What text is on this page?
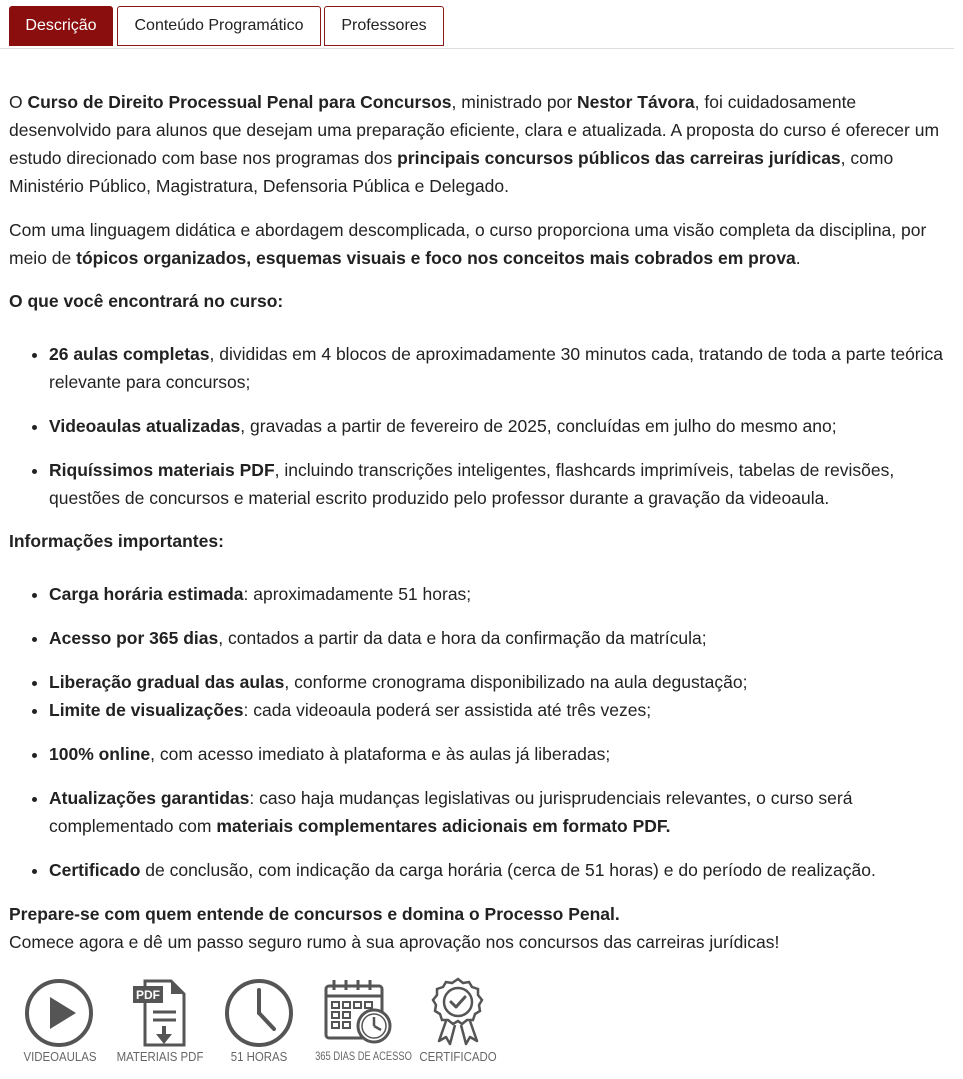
Descrição	Conteúdo Programático	Professores

O Curso de Direito Processual Penal para Concursos, ministrado por Nestor Távora, foi cuidadosamente desenvolvido para alunos que desejam uma preparação eficiente, clara e atualizada. A proposta do curso é oferecer um estudo direcionado com base nos programas dos principais concursos públicos das carreiras jurídicas, como Ministério Público, Magistratura, Defensoria Pública e Delegado.

Com uma linguagem didática e abordagem descomplicada, o curso proporciona uma visão completa da disciplina, por meio de tópicos organizados, esquemas visuais e foco nos conceitos mais cobrados em prova.

O que você encontrará no curso:

• 26 aulas completas, divididas em 4 blocos de aproximadamente 30 minutos cada, tratando de toda a parte teórica relevante para concursos;
• Videoaulas atualizadas, gravadas a partir de fevereiro de 2025, concluídas em julho do mesmo ano;
• Riquíssimos materiais PDF, incluindo transcrições inteligentes, flashcards imprimíveis, tabelas de revisões, questões de concursos e material escrito produzido pelo professor durante a gravação da videoaula.

Informações importantes:

• Carga horária estimada: aproximadamente 51 horas;
• Acesso por 365 dias, contados a partir da data e hora da confirmação da matrícula;
• Liberação gradual das aulas, conforme cronograma disponibilizado na aula degustação;
• Limite de visualizações: cada videoaula poderá ser assistida até três vezes;
• 100% online, com acesso imediato à plataforma e às aulas já liberadas;
• Atualizações garantidas: caso haja mudanças legislativas ou jurisprudenciais relevantes, o curso será complementado com materiais complementares adicionais em formato PDF.
• Certificado de conclusão, com indicação da carga horária (cerca de 51 horas) e do período de realização.

Prepare-se com quem entende de concursos e domina o Processo Penal.

Comece agora e dê um passo seguro rumo à sua aprovação nos concursos das carreiras jurídicas!

VIDEOAULAS
PDF
MATERIAIS PDF	51 HORAS	365 DIAS DE ACESSO CERTIFICADO
